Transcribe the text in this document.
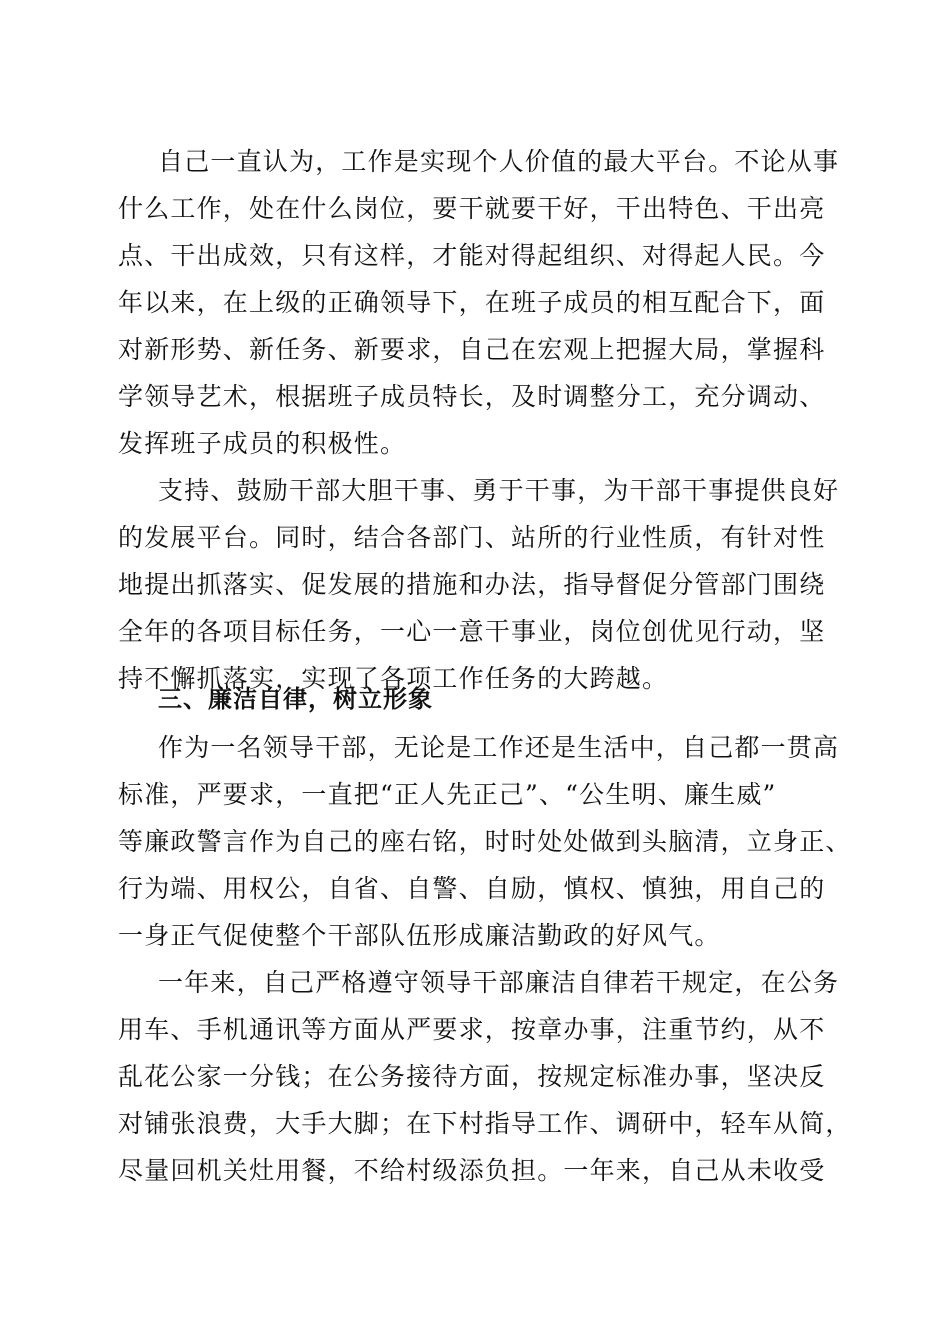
自己一直认为，工作是实现个人价值的最大平台。不论从事
什么工作，处在什么岗位，要干就要干好，干出特色、干出亮
点、干出成效，只有这样，才能对得起组织、对得起人民。今
年以来，在上级的正确领导下，在班子成员的相互配合下，面
对新形势、新任务、新要求，自己在宏观上把握大局，掌握科
学领导艺术，根据班子成员特长，及时调整分工，充分调动、
发挥班子成员的积极性。
支持、鼓励干部大胆干事、勇于干事，为干部干事提供良好
的发展平台。同时，结合各部门、站所的行业性质，有针对性
地提出抓落实、促发展的措施和办法，指导督促分管部门围绕
全年的各项目标任务，一心一意干事业，岗位创优见行动，坚
持不懈抓落实，实现了各项工作任务的大跨越。
三、廉洁自律，树立形象
作为一名领导干部，无论是工作还是生活中，自己都一贯高
标准，严要求，一直把“正人先正己”、“公生明、廉生威”
等廉政警言作为自己的座右铭，时时处处做到头脑清，立身正、
行为端、用权公，自省、自警、自励，慎权、慎独，用自己的
一身正气促使整个干部队伍形成廉洁勤政的好风气。
一年来，自己严格遵守领导干部廉洁自律若干规定，在公务
用车、手机通讯等方面从严要求，按章办事，注重节约，从不
乱花公家一分钱；在公务接待方面，按规定标准办事，坚决反
对铺张浪费，大手大脚；在下村指导工作、调研中，轻车从简，
尽量回机关灶用餐，不给村级添负担。一年来，自己从未收受
